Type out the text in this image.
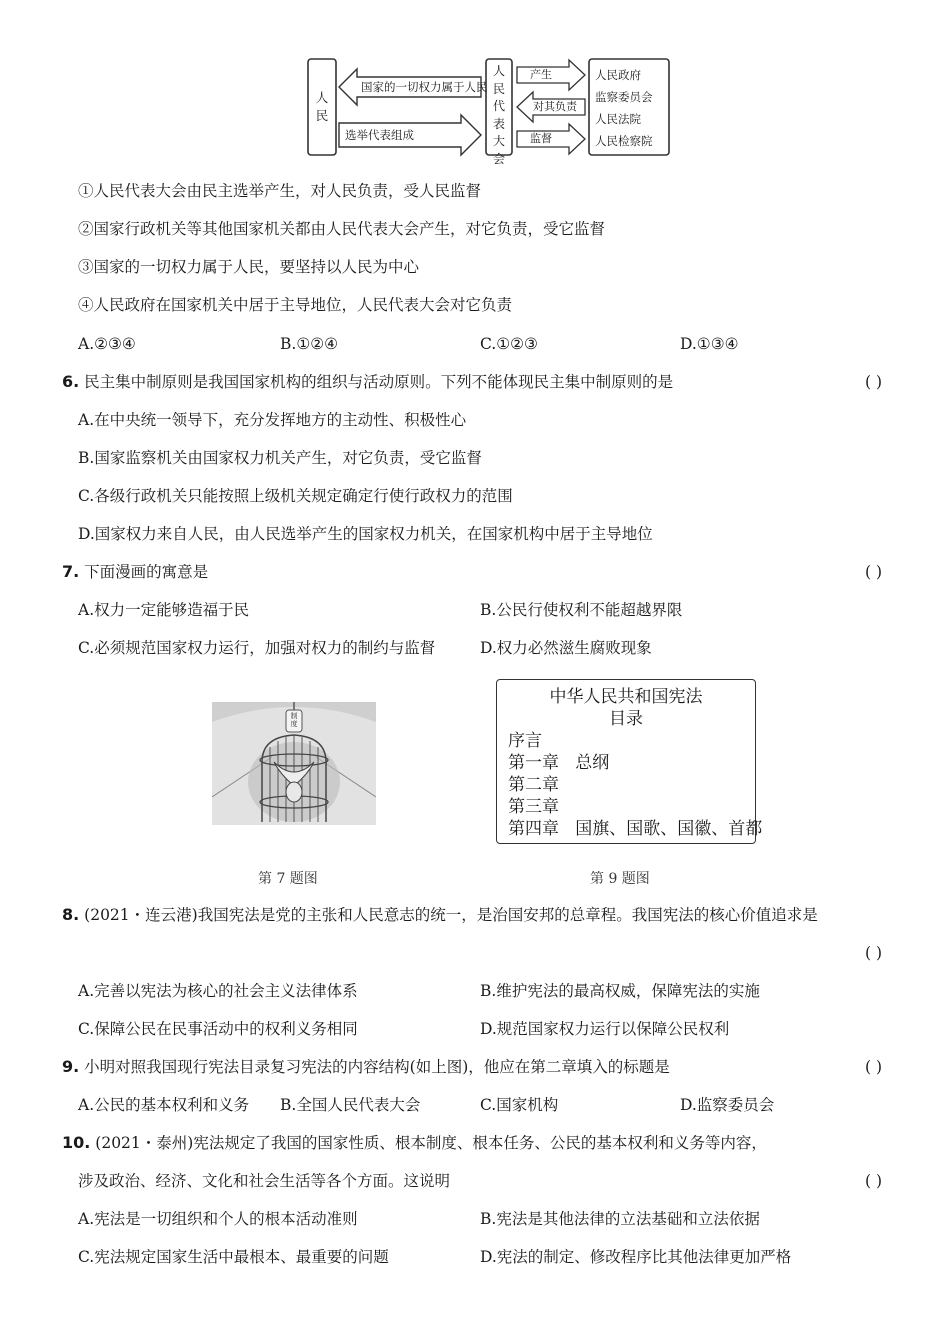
人民
国家的一切权力属于人民
选举代表组成
人民代表大会
产生
对其负责
监督
人民政府
监察委员会
人民法院
人民检察院
①人民代表大会由民主选举产生，对人民负责，受人民监督
②国家行政机关等其他国家机关都由人民代表大会产生，对它负责，受它监督
③国家的一切权力属于人民，要坚持以人民为中心
④人民政府在国家机关中居于主导地位，人民代表大会对它负责
A.②③④	B.①②④	C.①②③	D.①③④
6. 民主集中制原则是我国国家机构的组织与活动原则。下列不能体现民主集中制原则的是	( )
A.在中央统一领导下，充分发挥地方的主动性、积极性心
B.国家监察机关由国家权力机关产生，对它负责，受它监督
C.各级行政机关只能按照上级机关规定确定行使行政权力的范围
D.国家权力来自人民，由人民选举产生的国家权力机关，在国家机构中居于主导地位
7. 下面漫画的寓意是	( )
A.权力一定能够造福于民	B.公民行使权利不能超越界限
C.必须规范国家权力运行，加强对权力的制约与监督	D.权力必然滋生腐败现象
制度
第 7 题图
中华人民共和国宪法
目录
序言
第一章   总纲
第二章
第三章
第四章   国旗、国歌、国徽、首都
第 9 题图
8. (2021・连云港)我国宪法是党的主张和人民意志的统一，是治国安邦的总章程。我国宪法的核心价值追求是
( )
A.完善以宪法为核心的社会主义法律体系	B.维护宪法的最高权威，保障宪法的实施
C.保障公民在民事活动中的权利义务相同	D.规范国家权力运行以保障公民权利
9. 小明对照我国现行宪法目录复习宪法的内容结构(如上图)，他应在第二章填入的标题是	( )
A.公民的基本权利和义务 B.全国人民代表大会	C.国家机构	D.监察委员会
10. (2021・泰州)宪法规定了我国的国家性质、根本制度、根本任务、公民的基本权利和义务等内容，
涉及政治、经济、文化和社会生活等各个方面。这说明	( )
A.宪法是一切组织和个人的根本活动准则	B.宪法是其他法律的立法基础和立法依据
C.宪法规定国家生活中最根本、最重要的问题	D.宪法的制定、修改程序比其他法律更加严格
